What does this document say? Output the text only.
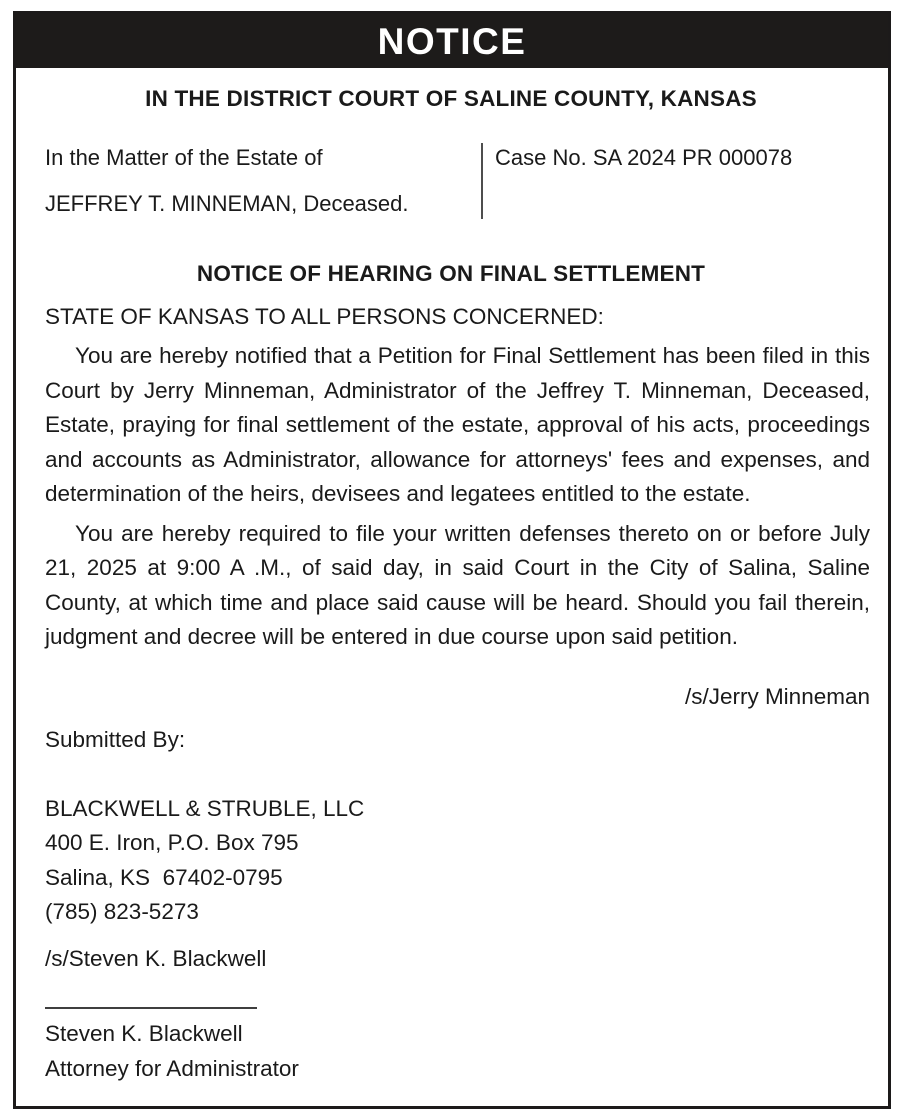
NOTICE
IN THE DISTRICT COURT OF SALINE COUNTY, KANSAS
In the Matter of the Estate of
JEFFREY T. MINNEMAN, Deceased.
Case No. SA 2024 PR 000078
NOTICE OF HEARING ON FINAL SETTLEMENT
STATE OF KANSAS TO ALL PERSONS CONCERNED:

You are hereby notified that a Petition for Final Settlement has been filed in this Court by Jerry Minneman, Administrator of the Jeffrey T. Minneman, Deceased, Estate, praying for final settlement of the estate, approval of his acts, proceedings and accounts as Administrator, allowance for attorneys' fees and expenses, and determination of the heirs, devisees and legatees entitled to the estate.

You are hereby required to file your written defenses thereto on or before July 21, 2025 at 9:00 A .M., of said day, in said Court in the City of Salina, Saline County, at which time and place said cause will be heard. Should you fail therein, judgment and decree will be entered in due course upon said petition.

/s/Jerry Minneman
Submitted By:
BLACKWELL & STRUBLE, LLC
400 E. Iron, P.O. Box 795
Salina, KS  67402-0795
(785) 823-5273
/s/Steven K. Blackwell
Steven K. Blackwell
Attorney for Administrator
